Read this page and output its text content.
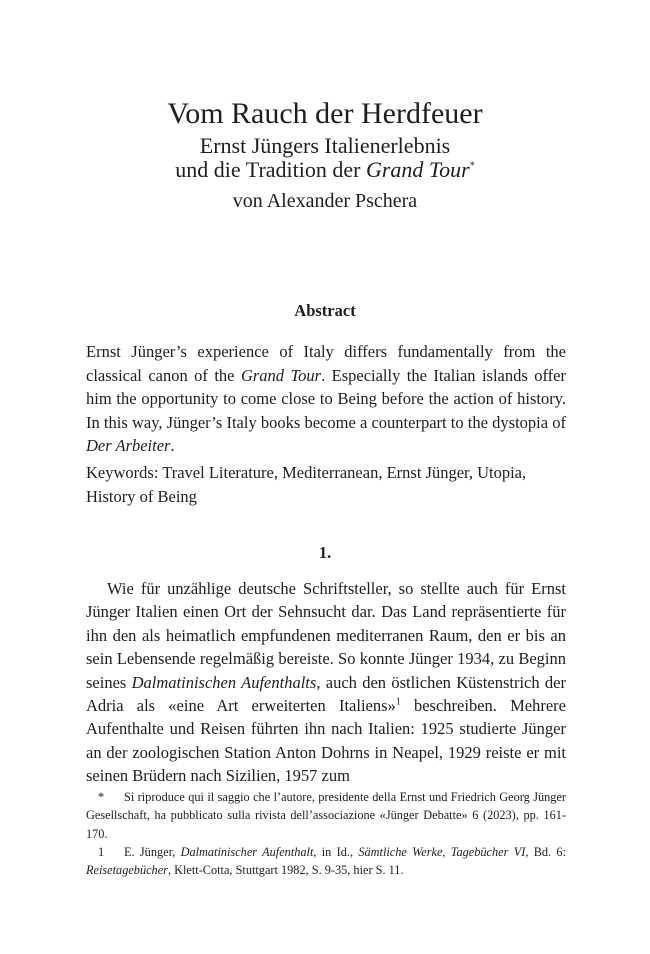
Vom Rauch der Herdfeuer
Ernst Jüngers Italienerlebnis
und die Tradition der Grand Tour*
von Alexander Pschera
Abstract

Ernst Jünger’s experience of Italy differs fundamentally from the classical canon of the Grand Tour. Especially the Italian islands offer him the opportunity to come close to Being before the action of history. In this way, Jünger’s Italy books become a counterpart to the dystopia of Der Arbeiter.

Keywords: Travel Literature, Mediterranean, Ernst Jünger, Utopia, History of Being

1.

Wie für unzählige deutsche Schriftsteller, so stellte auch für Ernst Jünger Italien einen Ort der Sehnsucht dar. Das Land repräsentierte für ihn den als heimatlich empfundenen mediterranen Raum, den er bis an sein Lebensende regelmäßig bereiste. So konnte Jünger 1934, zu Beginn seines Dalmatinischen Aufenthalts, auch den östlichen Küstenstrich der Adria als «eine Art erweiterten Italiens»$^1$ beschreiben. Mehrere Aufenthalte und Reisen führten ihn nach Italien: 1925 studierte Jünger an der zoologischen Station Anton Dohrns in Neapel, 1929 reiste er mit seinen Brüdern nach Sizilien, 1957 zum

* Si riproduce qui il saggio che l’autore, presidente della Ernst und Friedrich Georg Jünger Gesellschaft, ha pubblicato sulla rivista dell’associazione «Jünger Debatte» 6 (2023), pp. 161-170.

1 E. Jünger, Dalmatinischer Aufenthalt, in Id., Sämtliche Werke, Tagebücher VI, Bd. 6: Reisetagebücher, Klett-Cotta, Stuttgart 1982, S. 9-35, hier S. 11.
